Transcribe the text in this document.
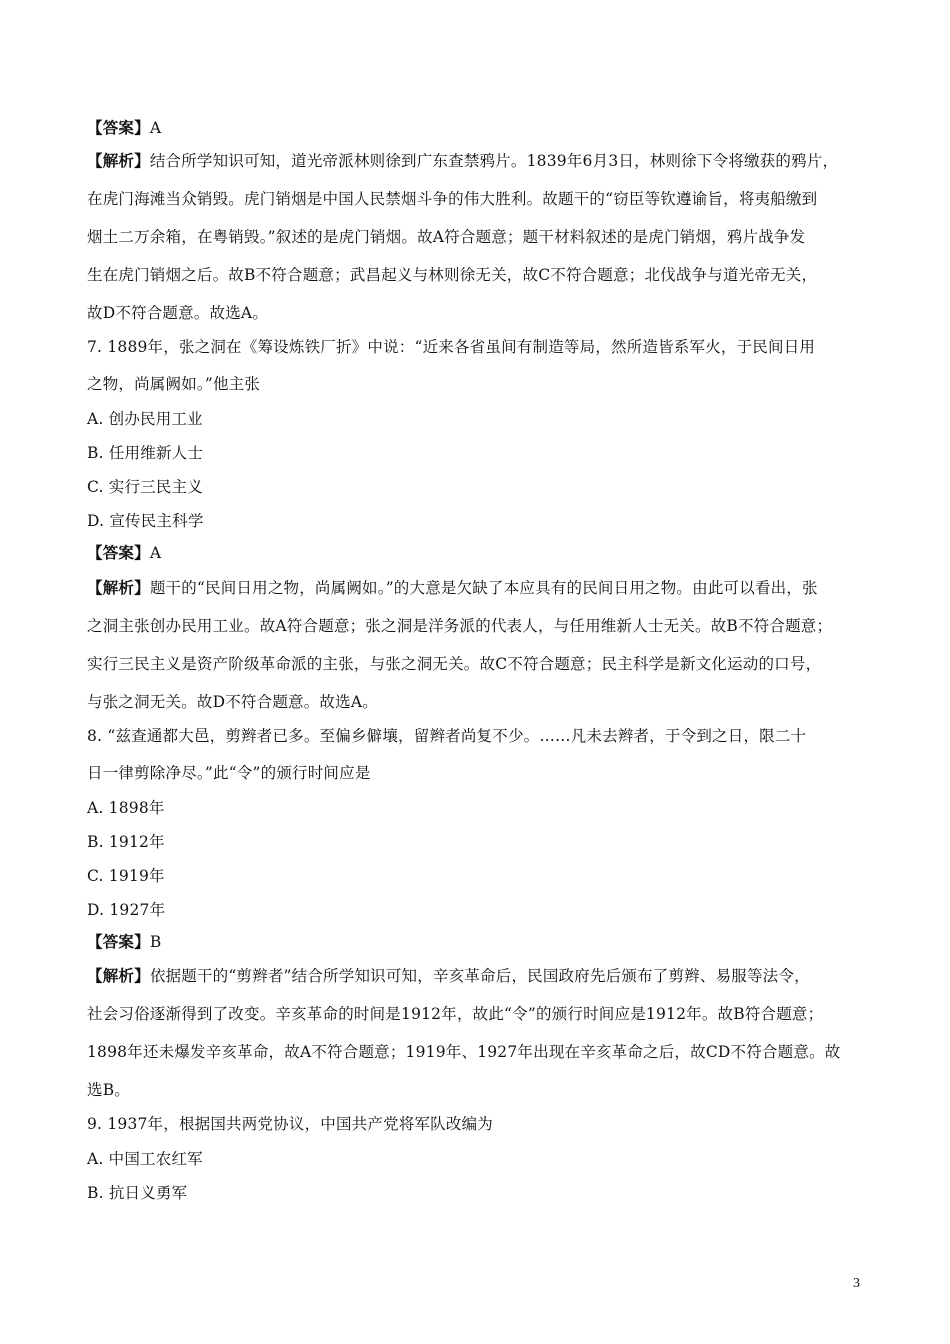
【答案】A
【解析】结合所学知识可知，道光帝派林则徐到广东查禁鸦片。1839年6月3日，林则徐下令将缴获的鸦片，
在虎门海滩当众销毁。虎门销烟是中国人民禁烟斗争的伟大胜利。故题干的“窃臣等钦遵谕旨，将夷船缴到
烟土二万余箱，在粤销毁。”叙述的是虎门销烟。故A符合题意；题干材料叙述的是虎门销烟，鸦片战争发
生在虎门销烟之后。故B不符合题意；武昌起义与林则徐无关，故C不符合题意；北伐战争与道光帝无关，
故D不符合题意。故选A。
7. 1889年，张之洞在《筹设炼铁厂折》中说：“近来各省虽间有制造等局，然所造皆系军火，于民间日用
之物，尚属阙如。”他主张
A. 创办民用工业
B. 任用维新人士
C. 实行三民主义
D. 宣传民主科学
【答案】A
【解析】题干的“民间日用之物，尚属阙如。”的大意是欠缺了本应具有的民间日用之物。由此可以看出，张
之洞主张创办民用工业。故A符合题意；张之洞是洋务派的代表人，与任用维新人士无关。故B不符合题意；
实行三民主义是资产阶级革命派的主张，与张之洞无关。故C不符合题意；民主科学是新文化运动的口号，
与张之洞无关。故D不符合题意。故选A。
8. “兹查通都大邑，剪辫者已多。至偏乡僻壤，留辫者尚复不少。……凡未去辫者，于令到之日，限二十
日一律剪除净尽。”此“令”的颁行时间应是
A. 1898年
B. 1912年
C. 1919年
D. 1927年
【答案】B
【解析】依据题干的“剪辫者”结合所学知识可知，辛亥革命后，民国政府先后颁布了剪辫、易服等法令，
社会习俗逐渐得到了改变。辛亥革命的时间是1912年，故此“令”的颁行时间应是1912年。故B符合题意；
1898年还未爆发辛亥革命，故A不符合题意；1919年、1927年出现在辛亥革命之后，故CD不符合题意。故
选B。
9. 1937年，根据国共两党协议，中国共产党将军队改编为
A. 中国工农红军
B. 抗日义勇军
3
